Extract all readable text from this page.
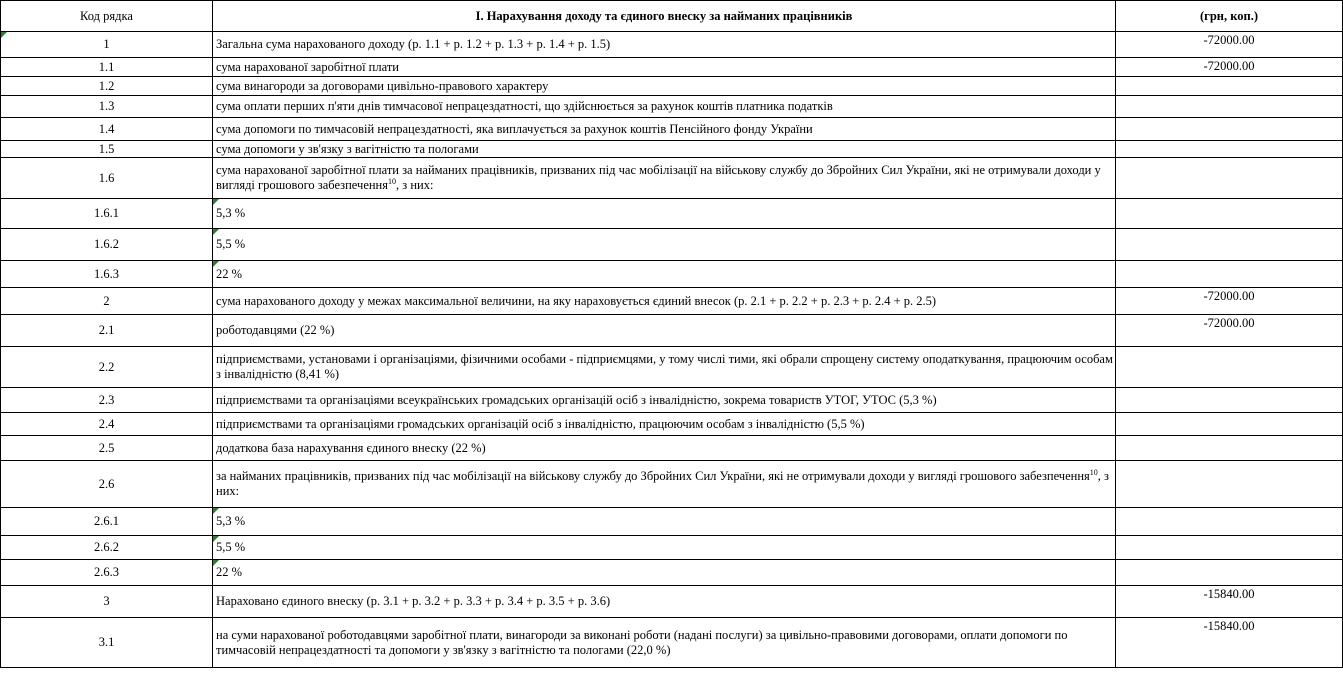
Код рядка	I. Нарахування доходу та єдиного внеску за найманих працівників	(грн, коп.)

1	Загальна сума нарахованого доходу (р. 1.1 + р. 1.2 + р. 1.3 + р. 1.4 + р. 1.5)	-72000.00
1.1	сума нарахованої заробітної плати	-72000.00
1.2	сума винагороди за договорами цивільно-правового характеру	
1.3	сума оплати перших п'яти днів тимчасової непрацездатності, що здійснюється за рахунок коштів платника податків	
1.4	сума допомоги по тимчасовій непрацездатності, яка виплачується за рахунок коштів Пенсійного фонду України	
1.5	сума допомоги у зв'язку з вагітністю та пологами	
1.6	сума нарахованої заробітної плати за найманих працівників, призваних під час мобілізації на військову службу до Збройних Сил України, які не отримували доходи у вигляді грошового забезпечення$^{10}$, з них:	
1.6.1	5,3 %	
1.6.2	5,5 %	
1.6.3	22 %	
2	сума нарахованого доходу у межах максимальної величини, на яку нараховується єдиний внесок (р. 2.1 + р. 2.2 + р. 2.3 + р. 2.4 + р. 2.5)	-72000.00
2.1	роботодавцями (22 %)	-72000.00
2.2	підприємствами, установами і організаціями, фізичними особами - підприємцями, у тому числі тими, які обрали спрощену систему оподаткування, працюючим особам з інвалідністю (8,41 %)	
2.3	підприємствами та організаціями всеукраїнських громадських організацій осіб з інвалідністю, зокрема товариств УТОГ, УТОС (5,3 %)	
2.4	підприємствами та організаціями громадських організацій осіб з інвалідністю, працюючим особам з інвалідністю (5,5 %)	
2.5	додаткова база нарахування єдиного внеску (22 %)	
2.6	за найманих працівників, призваних під час мобілізації на військову службу до Збройних Сил України, які не отримували доходи у вигляді грошового забезпечення$^{10}$, з них:	
2.6.1	5,3 %	
2.6.2	5,5 %	
2.6.3	22 %	
3	Нараховано єдиного внеску (р. 3.1 + р. 3.2 + р. 3.3 + р. 3.4 + р. 3.5 + р. 3.6)	-15840.00
3.1	на суми нарахованої роботодавцями заробітної плати, винагороди за виконані роботи (надані послуги) за цивільно-правовими договорами, оплати допомоги по тимчасовій непрацездатності та допомоги у зв'язку з вагітністю та пологами (22,0 %)	-15840.00
